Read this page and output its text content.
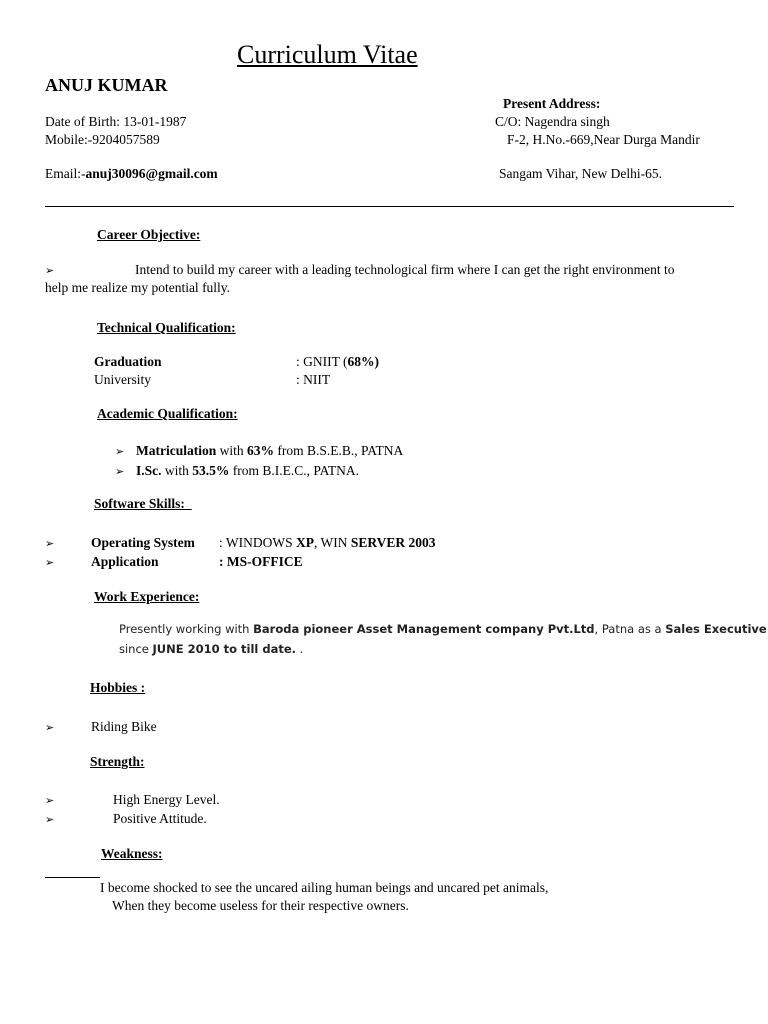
Curriculum Vitae
ANUJ KUMAR
Date of Birth: 13-01-1987
Mobile:-9204057589
Email:-anuj30096@gmail.com
Present Address:
C/O: Nagendra singh
F-2, H.No.-669,Near Durga Mandir
Sangam Vihar, New Delhi-65.
Career Objective:
➢	Intend to build my career with a leading technological firm where I can get the right environment to
help me realize my potential fully.
Technical Qualification:
Graduation	: GNIIT (68%)
University	: NIIT
Academic Qualification:
➢ Matriculation with 63% from B.S.E.B., PATNA
➢ I.Sc. with 53.5% from B.I.E.C., PATNA.
Software Skills:
➢	Operating System : WINDOWS XP, WIN SERVER 2003
➢	Application	: MS-OFFICE
Work Experience:
Presently working with Baroda pioneer Asset Management company Pvt.Ltd, Patna as a Sales Executive
since JUNE 2010 to till date. .
Hobbies :
➢	Riding Bike
Strength:
➢	High Energy Level.
➢	Positive Attitude.
Weakness:
I become shocked to see the uncared ailing human beings and uncared pet animals,
When they become useless for their respective owners.
